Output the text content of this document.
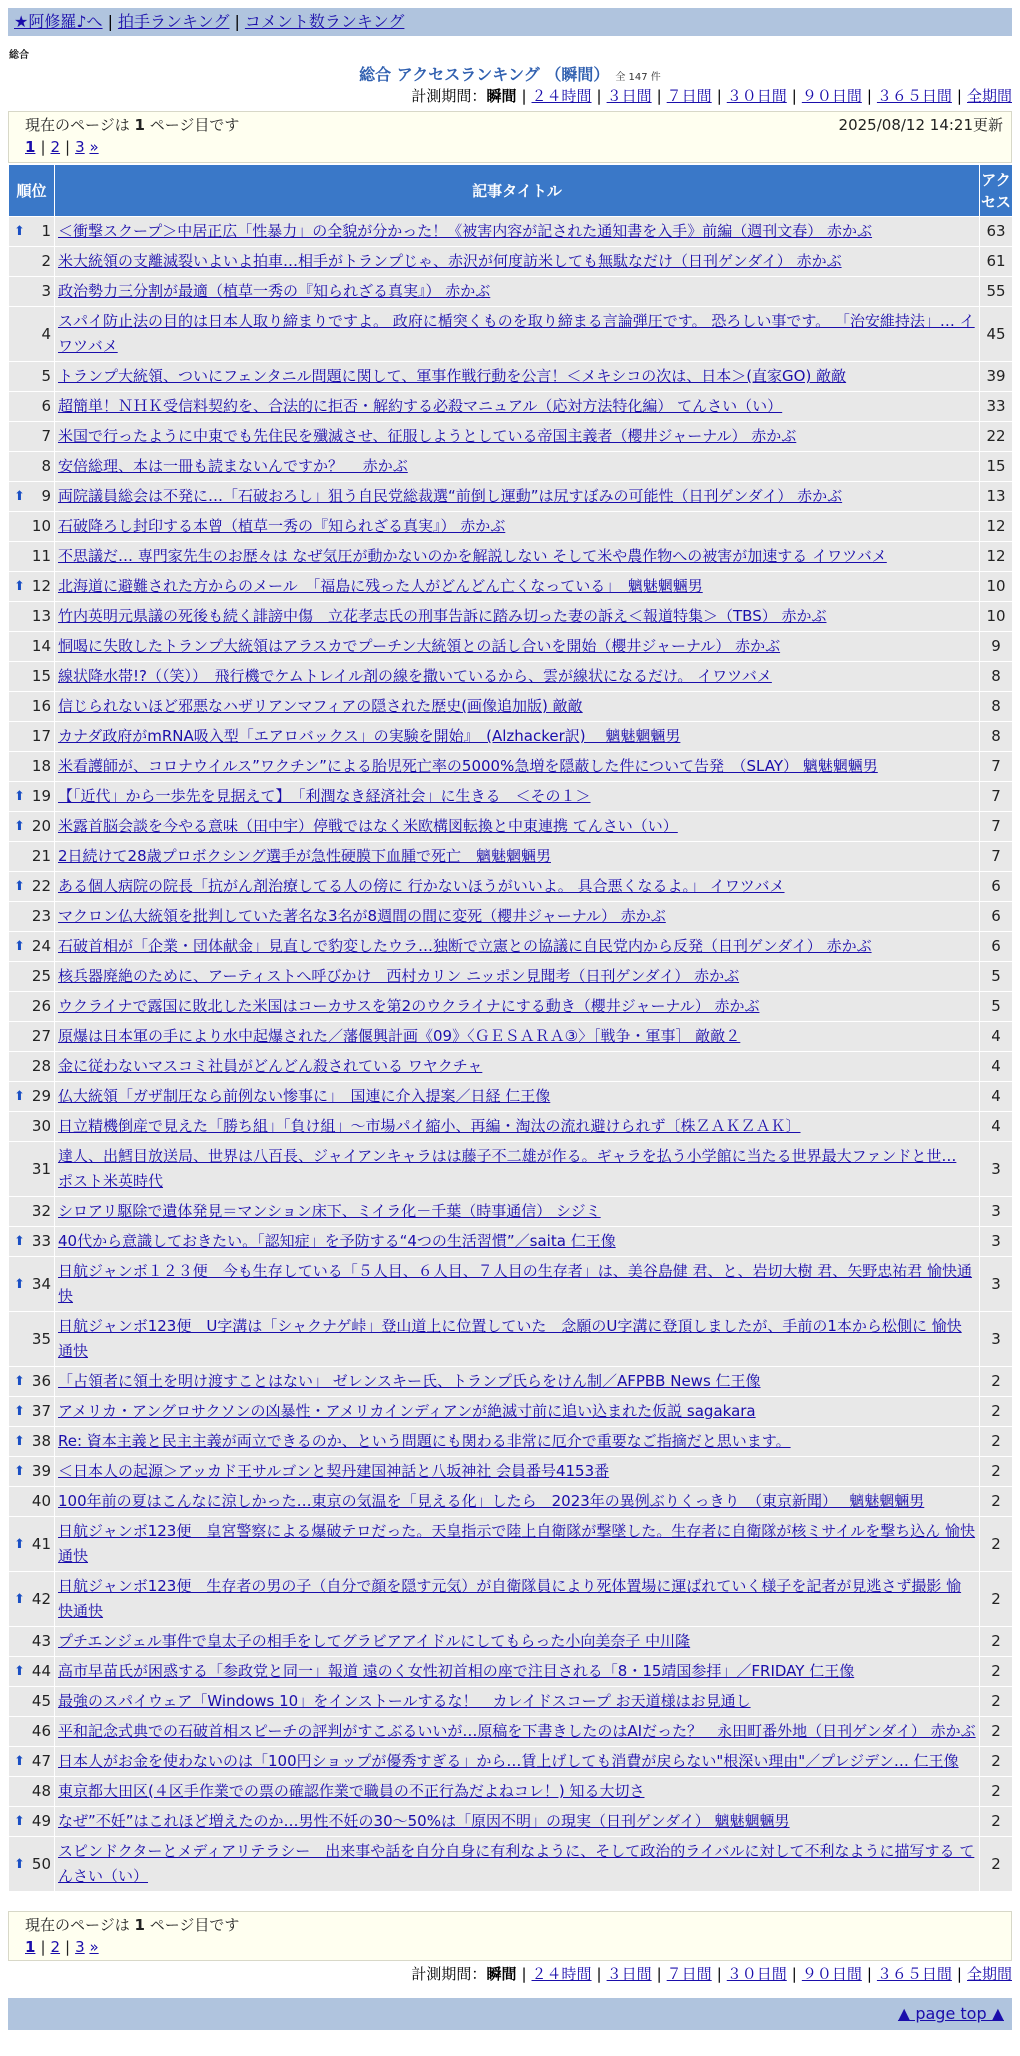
★阿修羅♪へ | 拍手ランキング | コメント数ランキング
総合
総合 アクセスランキング （瞬間） 全 147 件
計測期間：瞬間 | ２４時間 | ３日間 | ７日間 | ３０日間 | ９０日間 | ３６５日間 | 全期間
現在のページは 1 ページ目です	2025/08/12 14:21更新
1 | 2 | 3 »
順位	記事タイトル	アクセス

⬆ 1	＜衝撃スクープ＞中居正広「性暴力」の全貌が分かった！《被害内容が記された通知書を入手》前編（週刊文春） 赤かぶ	63
2	米大統領の支離滅裂いよいよ拍車…相手がトランプじゃ、赤沢が何度訪米しても無駄なだけ（日刊ゲンダイ） 赤かぶ	61
3	政治勢力三分割が最適（植草一秀の『知られざる真実』） 赤かぶ	55
4	スパイ防止法の目的は日本人取り締まりですよ。 政府に楯突くものを取り締まる言論弾圧です。 恐ろしい事です。 「治安維持法」… イワツバメ	45
5	トランプ大統領、ついにフェンタニル問題に関して、軍事作戦行動を公言！＜メキシコの次は、日本＞(直家GO) 敵敵	39
6	超簡単！ＮＨＫ受信料契約を、合法的に拒否・解約する必殺マニュアル（応対方法特化編） てんさい（い）	33
7	米国で行ったように中東でも先住民を殲滅させ、征服しようとしている帝国主義者（櫻井ジャーナル） 赤かぶ	22
8	安倍総理、本は一冊も読まないんですか？　 赤かぶ	15

⬆ 9	両院議員総会は不発に…「石破おろし」狙う自民党総裁選“前倒し運動”は尻すぼみの可能性（日刊ゲンダイ） 赤かぶ	13
10	石破降ろし封印する本曾（植草一秀の『知られざる真実』） 赤かぶ	12
11	不思議だ… 専門家先生のお歴々は なぜ気圧が動かないのかを解説しない そして米や農作物への被害が加速する イワツバメ	12

⬆ 12	北海道に避難された方からのメール　「福島に残った人がどんどん亡くなっている」　魑魅魍魎男	10
13	竹内英明元県議の死後も続く誹謗中傷　立花孝志氏の刑事告訴に踏み切った妻の訴え＜報道特集＞（TBS） 赤かぶ	10
14	恫喝に失敗したトランプ大統領はアラスカでプーチン大統領との話し合いを開始（櫻井ジャーナル） 赤かぶ	9
15	線状降水帯!?（（笑））　飛行機でケムトレイル剤の線を撒いているから、雲が線状になるだけ。 イワツバメ	8
16	信じられないほど邪悪なハザリアンマフィアの隠された歴史(画像追加版) 敵敵	8
17	カナダ政府がmRNA吸入型「エアロバックス」の実験を開始』　(Alzhacker訳)　 魑魅魍魎男	8
18	米看護師が、コロナウイルス”ワクチン”による胎児死亡率の5000%急増を隠蔽した件について告発　（SLAY） 魑魅魍魎男	7

⬆ 19	【「近代」から一歩先を見据えて】　「利潤なき経済社会」に生きる　＜その１＞	7

⬆ 20	米露首脳会談を今やる意味（田中宇）停戦ではなく米欧構図転換と中東連携 てんさい（い）	7
21	2日続けて28歳プロボクシング選手が急性硬膜下血腫で死亡　魑魅魍魎男	7

⬆ 22	ある個人病院の院長「抗がん剤治療してる人の傍に 行かないほうがいいよ。 具合悪くなるよ。」 イワツバメ	6
23	マクロン仏大統領を批判していた著名な3名が8週間の間に変死（櫻井ジャーナル） 赤かぶ	6

⬆ 24	石破首相が「企業・団体献金」見直しで豹変したウラ…独断で立憲との協議に自民党内から反発（日刊ゲンダイ） 赤かぶ	6
25	核兵器廃絶のために、アーティストへ呼びかけ　西村カリン ニッポン見聞考（日刊ゲンダイ） 赤かぶ	5
26	ウクライナで露国に敗北した米国はコーカサスを第2のウクライナにする動き（櫻井ジャーナル） 赤かぶ	5
27	原爆は日本軍の手により水中起爆された／藩偃興計画《09》〈ＧＥＳＡＲＡ③〉［戦争・軍事］ 敵敵２	4
28	金に従わないマスコミ社員がどんどん殺されている ワヤクチャ	4

⬆ 29	仏大統領「ガザ制圧なら前例ない惨事に」　国連に介入提案／日経 仁王像	4
30	日立精機倒産で見えた「勝ち組」「負け組」～市場パイ縮小、再編・淘汰の流れ避けられず〔株ＺＡＫＺＡＫ〕	4
31	達人、出鱈目放送局、世界は八百長、ジャイアンキャラはは藤子不二雄が作る。ギャラを払う小学館に当たる世界最大ファンドと世… ポスト米英時代	3
32	シロアリ駆除で遺体発見＝マンション床下、ミイラ化－千葉（時事通信） シジミ	3

⬆ 33	40代から意識しておきたい。「認知症」を予防する“4つの生活習慣”／saita 仁王像	3

⬆ 34	日航ジャンボ１２３便　今も生存している「５人目、６人目、７人目の生存者」は、美谷島健 君、と、岩切大樹 君、矢野忠祐君 愉快通快	3
35	日航ジャンボ123便　U字溝は「シャクナゲ峠」登山道上に位置していた　念願のU字溝に登頂しましたが、手前の1本から松側に 愉快通快	3

⬆ 36	「占領者に領土を明け渡すことはない」 ゼレンスキー氏、トランプ氏らをけん制／AFPBB News 仁王像	2

⬆ 37	アメリカ・アングロサクソンの凶暴性・アメリカインディアンが絶滅寸前に追い込まれた仮説 sagakara	2

⬆ 38	Re: 資本主義と民主主義が両立できるのか、という問題にも関わる非常に厄介で重要なご指摘だと思います。	2

⬆ 39	＜日本人の起源＞アッカド王サルゴンと契丹建国神話と八坂神社 会員番号4153番	2
40	100年前の夏はこんなに涼しかった…東京の気温を「見える化」したら　2023年の異例ぶりくっきり　（東京新聞）　 魑魅魍魎男	2

⬆ 41	日航ジャンボ123便　皇宮警察による爆破テロだった。天皇指示で陸上自衛隊が撃墜した。生存者に自衛隊が核ミサイルを撃ち込ん 愉快通快	2

⬆ 42	日航ジャンボ123便　生存者の男の子（自分で顔を隠す元気）が自衛隊員により死体置場に運ばれていく様子を記者が見逃さず撮影 愉快通快	2
43	プチエンジェル事件で皇太子の相手をしてグラビアアイドルにしてもらった小向美奈子 中川隆	2

⬆ 44	高市早苗氏が困惑する「参政党と同一」報道 遠のく女性初首相の座で注目される「8・15靖国参拝」／FRIDAY 仁王像	2
45	最強のスパイウェア「Windows 10」をインストールするな！　カレイドスコープ お天道様はお見通し	2
46	平和記念式典での石破首相スピーチの評判がすこぶるいいが…原稿を下書きしたのはAIだった？　永田町番外地（日刊ゲンダイ） 赤かぶ	2

⬆ 47	日本人がお金を使わないのは「100円ショップが優秀すぎる」から…賃上げしても消費が戻らない"根深い理由"／プレジデン… 仁王像	2
48	東京都大田区(４区手作業での票の確認作業で職員の不正行為だよねコレ！) 知る大切さ	2

⬆ 49	なぜ”不妊”はこれほど増えたのか…男性不妊の30～50%は「原因不明」の現実（日刊ゲンダイ） 魑魅魍魎男	2

⬆ 50	スピンドクターとメディアリテラシー　出来事や話を自分自身に有利なように、そして政治的ライバルに対して不利なように描写する てんさい（い）	2
現在のページは 1 ページ目です
1 | 2 | 3 »
計測期間：瞬間 | ２４時間 | ３日間 | ７日間 | ３０日間 | ９０日間 | ３６５日間 | 全期間
▲ page top ▲
